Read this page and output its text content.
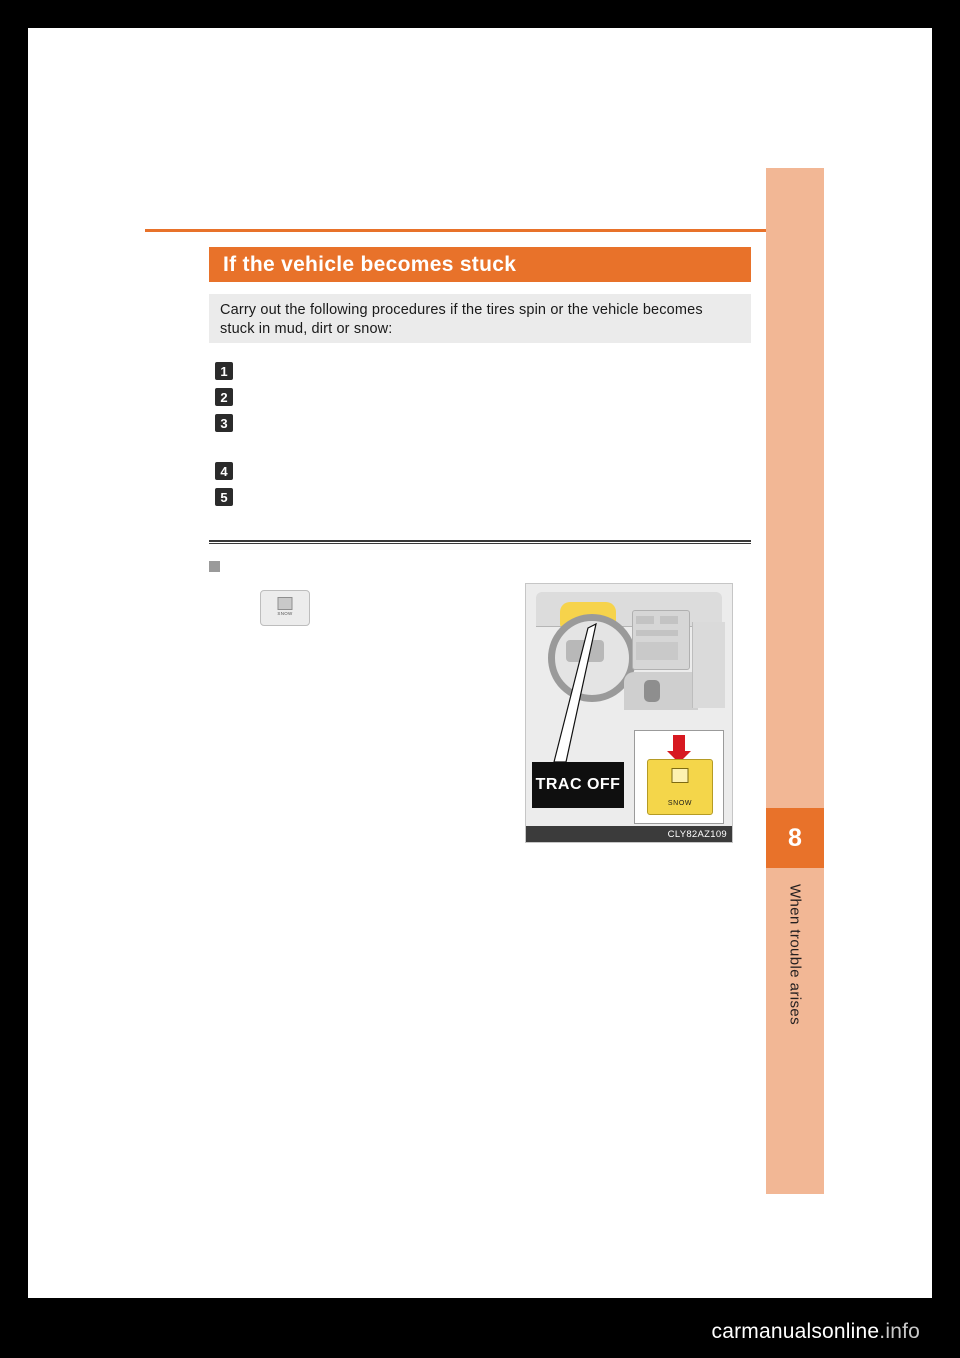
8
When trouble arises
If the vehicle becomes stuck

Carry out the following procedures if the tires spin or the vehicle becomes stuck in mud, dirt or snow:

1
2
3
4
5
SNOW
TRAC OFF
SNOW
CLY82AZ109
carmanualsonline.info
